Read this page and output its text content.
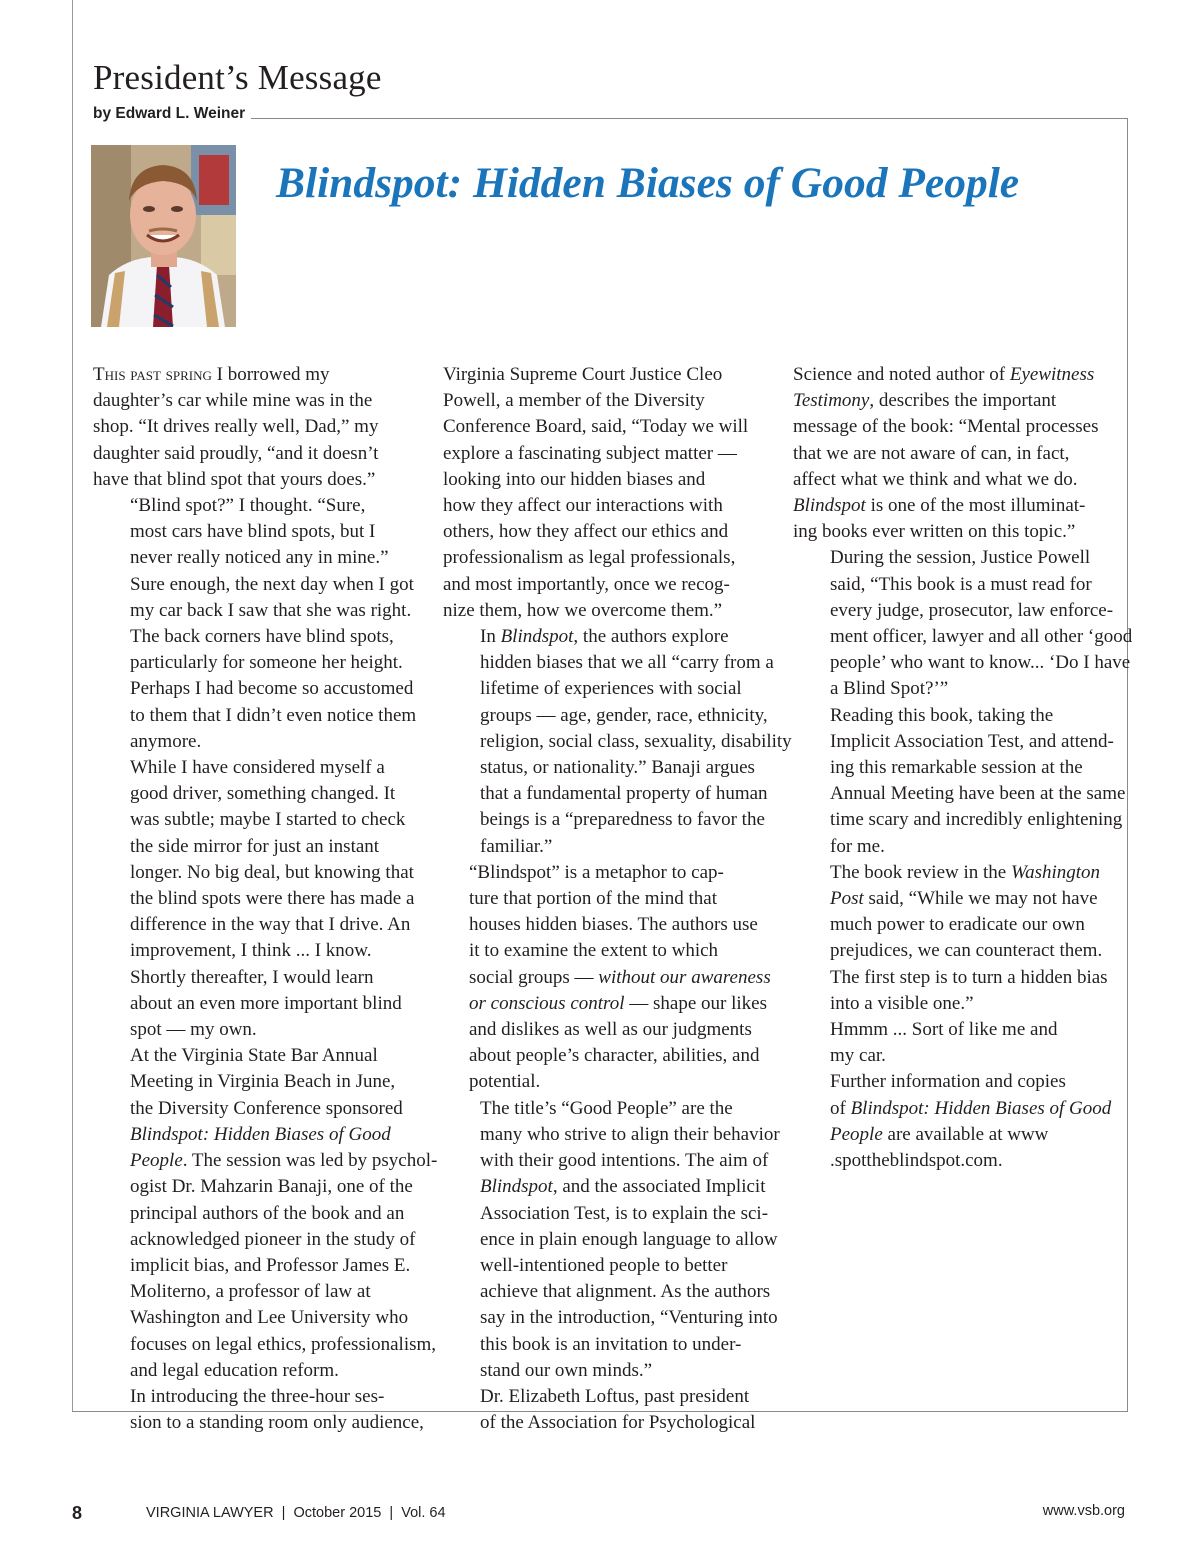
President’s Message
by Edward L. Weiner
Blindspot: Hidden Biases of Good People

This past spring I borrowed my
daughter’s car while mine was in the
shop. “It drives really well, Dad,” my
daughter said proudly, “and it doesn’t
have that blind spot that yours does.”

“Blind spot?” I thought. “Sure,
most cars have blind spots, but I
never really noticed any in mine.”
Sure enough, the next day when I got
my car back I saw that she was right.
The back corners have blind spots,
particularly for someone her height.
Perhaps I had become so accustomed
to them that I didn’t even notice them
anymore.

While I have considered myself a
good driver, something changed. It
was subtle; maybe I started to check
the side mirror for just an instant
longer. No big deal, but knowing that
the blind spots were there has made a
difference in the way that I drive. An
improvement, I think ... I know.

Shortly thereafter, I would learn
about an even more important blind
spot — my own.

At the Virginia State Bar Annual
Meeting in Virginia Beach in June,
the Diversity Conference sponsored
Blindspot: Hidden Biases of Good
People. The session was led by psychol-
ogist Dr. Mahzarin Banaji, one of the
principal authors of the book and an
acknowledged pioneer in the study of
implicit bias, and Professor James E.
Moliterno, a professor of law at
Washington and Lee University who
focuses on legal ethics, professionalism,
and legal education reform.

In introducing the three-hour ses-
sion to a standing room only audience,

Virginia Supreme Court Justice Cleo
Powell, a member of the Diversity
Conference Board, said, “Today we will
explore a fascinating subject matter —
looking into our hidden biases and
how they affect our interactions with
others, how they affect our ethics and
professionalism as legal professionals,
and most importantly, once we recog-
nize them, how we overcome them.”

In Blindspot, the authors explore
hidden biases that we all “carry from a
lifetime of experiences with social
groups — age, gender, race, ethnicity,
religion, social class, sexuality, disability
status, or nationality.” Banaji argues
that a fundamental property of human
beings is a “preparedness to favor the
familiar.”

“Blindspot” is a metaphor to cap-
ture that portion of the mind that
houses hidden biases. The authors use
it to examine the extent to which
social groups — without our awareness
or conscious control — shape our likes
and dislikes as well as our judgments
about people’s character, abilities, and
potential.

The title’s “Good People” are the
many who strive to align their behavior
with their good intentions. The aim of
Blindspot, and the associated Implicit
Association Test, is to explain the sci-
ence in plain enough language to allow
well-intentioned people to better
achieve that alignment. As the authors
say in the introduction, “Venturing into
this book is an invitation to under-
stand our own minds.”

Dr. Elizabeth Loftus, past president
of the Association for Psychological

Science and noted author of Eyewitness
Testimony, describes the important
message of the book: “Mental processes
that we are not aware of can, in fact,
affect what we think and what we do.
Blindspot is one of the most illuminat-
ing books ever written on this topic.”

During the session, Justice Powell
said, “This book is a must read for
every judge, prosecutor, law enforce-
ment officer, lawyer and all other ‘good
people’ who want to know... ‘Do I have
a Blind Spot?’”

Reading this book, taking the
Implicit Association Test, and attend-
ing this remarkable session at the
Annual Meeting have been at the same
time scary and incredibly enlightening
for me.

The book review in the Washington
Post said, “While we may not have
much power to eradicate our own
prejudices, we can counteract them.
The first step is to turn a hidden bias
into a visible one.”

Hmmm ... Sort of like me and
my car.

Further information and copies
of Blindspot: Hidden Biases of Good
People are available at www
.spottheblindspot.com.

8	VIRGINIA LAWYER  |  October 2015  |  Vol. 64	www.vsb.org
